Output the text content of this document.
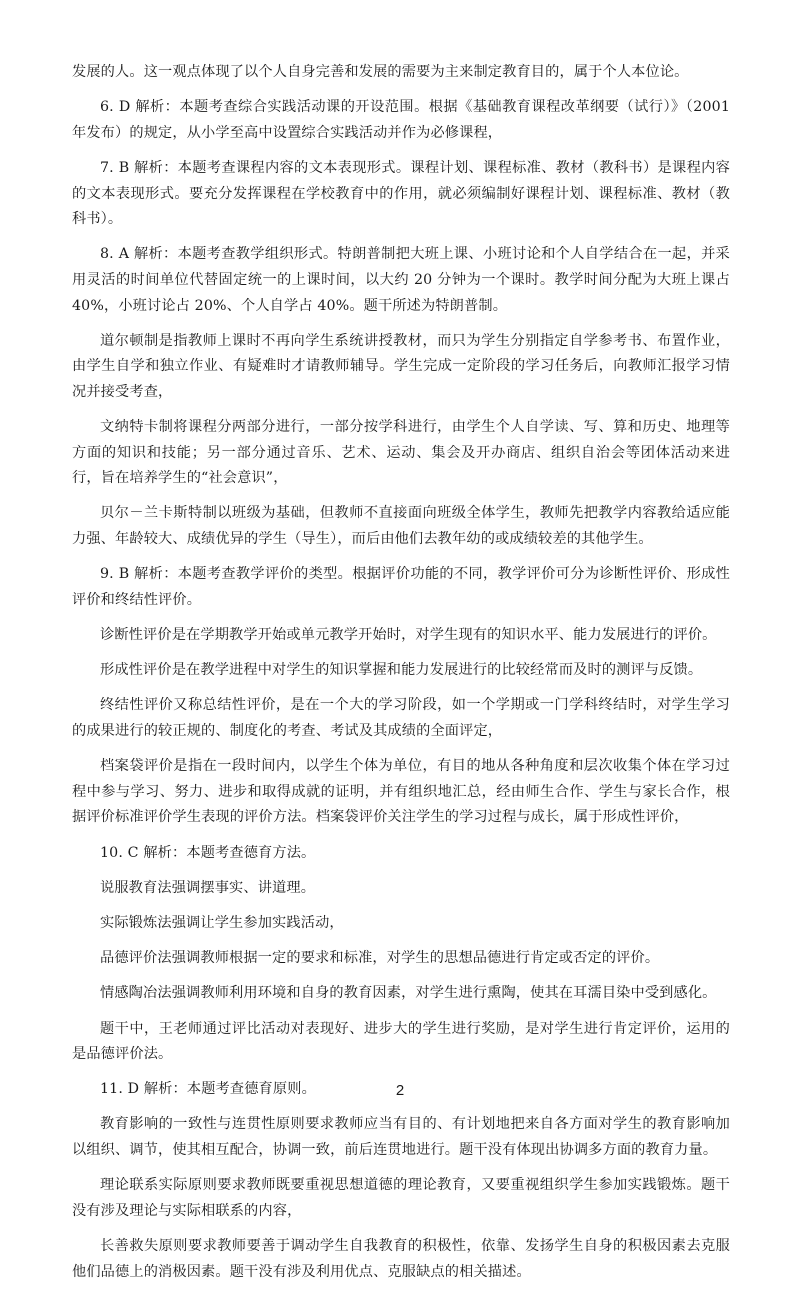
发展的人。这一观点体现了以个人自身完善和发展的需要为主来制定教育目的，属于个人本位论。

6. D 解析：本题考查综合实践活动课的开设范围。根据《基础教育课程改革纲要（试行）》（2001 年发布）的规定，从小学至高中设置综合实践活动并作为必修课程，

7. B 解析：本题考查课程内容的文本表现形式。课程计划、课程标准、教材（教科书）是课程内容的文本表现形式。要充分发挥课程在学校教育中的作用，就必须编制好课程计划、课程标准、教材（教科书）。

8. A 解析：本题考查教学组织形式。特朗普制把大班上课、小班讨论和个人自学结合在一起，并采用灵活的时间单位代替固定统一的上课时间，以大约 20 分钟为一个课时。教学时间分配为大班上课占 40%，小班讨论占 20%、个人自学占 40%。题干所述为特朗普制。

道尔顿制是指教师上课时不再向学生系统讲授教材，而只为学生分别指定自学参考书、布置作业，由学生自学和独立作业、有疑难时才请教师辅导。学生完成一定阶段的学习任务后，向教师汇报学习情况并接受考查，

文纳特卡制将课程分两部分进行，一部分按学科进行，由学生个人自学读、写、算和历史、地理等方面的知识和技能；另一部分通过音乐、艺术、运动、集会及开办商店、组织自治会等团体活动来进行，旨在培养学生的“社会意识”，

贝尔－兰卡斯特制以班级为基础，但教师不直接面向班级全体学生，教师先把教学内容教给适应能力强、年龄较大、成绩优异的学生（导生），而后由他们去教年幼的或成绩较差的其他学生。

9. B 解析：本题考查教学评价的类型。根据评价功能的不同，教学评价可分为诊断性评价、形成性评价和终结性评价。

诊断性评价是在学期教学开始或单元教学开始时，对学生现有的知识水平、能力发展进行的评价。

形成性评价是在教学进程中对学生的知识掌握和能力发展进行的比较经常而及时的测评与反馈。

终结性评价又称总结性评价，是在一个大的学习阶段，如一个学期或一门学科终结时，对学生学习的成果进行的较正规的、制度化的考查、考试及其成绩的全面评定，

档案袋评价是指在一段时间内，以学生个体为单位，有目的地从各种角度和层次收集个体在学习过程中参与学习、努力、进步和取得成就的证明，并有组织地汇总，经由师生合作、学生与家长合作，根据评价标准评价学生表现的评价方法。档案袋评价关注学生的学习过程与成长，属于形成性评价，

10. C 解析：本题考查德育方法。

说服教育法强调摆事实、讲道理。

实际锻炼法强调让学生参加实践活动，

品德评价法强调教师根据一定的要求和标准，对学生的思想品德进行肯定或否定的评价。

情感陶冶法强调教师利用环境和自身的教育因素，对学生进行熏陶，使其在耳濡目染中受到感化。

题干中，王老师通过评比活动对表现好、进步大的学生进行奖励，是对学生进行肯定评价，运用的是品德评价法。

11. D 解析：本题考查德育原则。

教育影响的一致性与连贯性原则要求教师应当有目的、有计划地把来自各方面对学生的教育影响加以组织、调节，使其相互配合，协调一致，前后连贯地进行。题干没有体现出协调多方面的教育力量。

理论联系实际原则要求教师既要重视思想道德的理论教育，又要重视组织学生参加实践锻炼。题干没有涉及理论与实际相联系的内容，

长善救失原则要求教师要善于调动学生自我教育的积极性，依靠、发扬学生自身的积极因素去克服他们品德上的消极因素。题干没有涉及利用优点、克服缺点的相关描述。

2
